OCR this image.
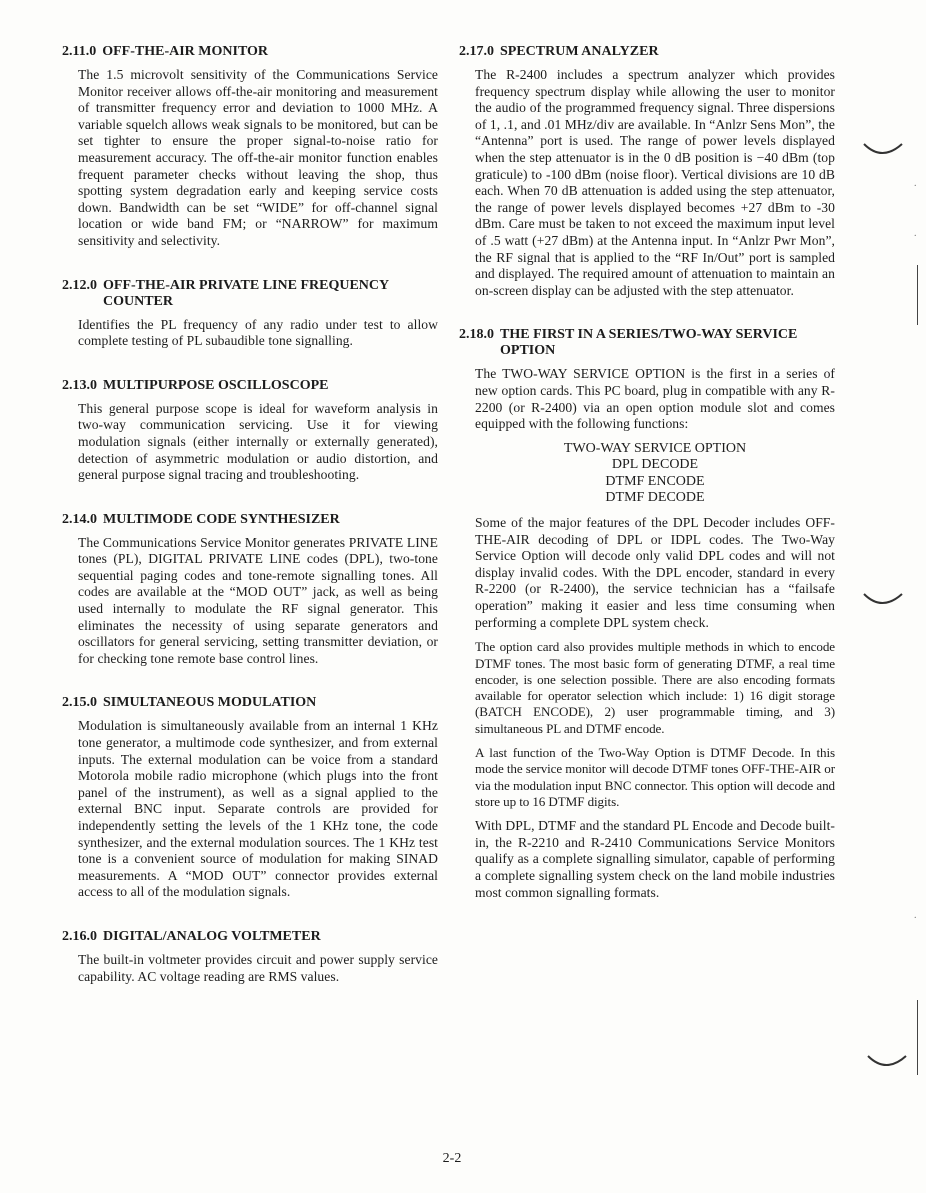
2.11.0 OFF-THE-AIR MONITOR

The 1.5 microvolt sensitivity of the Communications Service Monitor receiver allows off-the-air monitoring and measurement of transmitter frequency error and deviation to 1000 MHz. A variable squelch allows weak signals to be monitored, but can be set tighter to ensure the proper signal-to-noise ratio for measurement accuracy. The off-the-air monitor function enables frequent parameter checks without leaving the shop, thus spotting system degradation early and keeping service costs down. Bandwidth can be set “WIDE” for off-channel signal location or wide band FM; or “NARROW” for maximum sensitivity and selectivity.

2.12.0 OFF-THE-AIR PRIVATE LINE FREQUENCY COUNTER

Identifies the PL frequency of any radio under test to allow complete testing of PL subaudible tone signalling.

2.13.0 MULTIPURPOSE OSCILLOSCOPE

This general purpose scope is ideal for waveform analysis in two-way communication servicing. Use it for viewing modulation signals (either internally or externally generated), detection of asymmetric modulation or audio distortion, and general purpose signal tracing and troubleshooting.

2.14.0 MULTIMODE CODE SYNTHESIZER

The Communications Service Monitor generates PRIVATE LINE tones (PL), DIGITAL PRIVATE LINE codes (DPL), two-tone sequential paging codes and tone-remote signalling tones. All codes are available at the “MOD OUT” jack, as well as being used internally to modulate the RF signal generator. This eliminates the necessity of using separate generators and oscillators for general servicing, setting transmitter deviation, or for checking tone remote base control lines.

2.15.0 SIMULTANEOUS MODULATION

Modulation is simultaneously available from an internal 1 KHz tone generator, a multimode code synthesizer, and from external inputs. The external modulation can be voice from a standard Motorola mobile radio microphone (which plugs into the front panel of the instrument), as well as a signal applied to the external BNC input. Separate controls are provided for independently setting the levels of the 1 KHz tone, the code synthesizer, and the external modulation sources. The 1 KHz test tone is a convenient source of modulation for making SINAD measurements. A “MOD OUT” connector provides external access to all of the modulation signals.

2.16.0 DIGITAL/ANALOG VOLTMETER

The built-in voltmeter provides circuit and power supply service capability. AC voltage reading are RMS values.

2.17.0 SPECTRUM ANALYZER

The R-2400 includes a spectrum analyzer which provides frequency spectrum display while allowing the user to monitor the audio of the programmed frequency signal. Three dispersions of 1, .1, and .01 MHz/div are available. In “Anlzr Sens Mon”, the “Antenna” port is used. The range of power levels displayed when the step attenuator is in the 0 dB position is −40 dBm (top graticule) to -100 dBm (noise floor). Vertical divisions are 10 dB each. When 70 dB attenuation is added using the step attenuator, the range of power levels displayed becomes +27 dBm to -30 dBm. Care must be taken to not exceed the maximum input level of .5 watt (+27 dBm) at the Antenna input. In “Anlzr Pwr Mon”, the RF signal that is applied to the “RF In/Out” port is sampled and displayed. The required amount of attenuation to maintain an on-screen display can be adjusted with the step attenuator.

2.18.0 THE FIRST IN A SERIES/TWO-WAY SERVICE OPTION

The TWO-WAY SERVICE OPTION is the first in a series of new option cards. This PC board, plug in compatible with any R-2200 (or R-2400) via an open option module slot and comes equipped with the following functions:

TWO-WAY SERVICE OPTION
DPL DECODE
DTMF ENCODE
DTMF DECODE

Some of the major features of the DPL Decoder includes OFF-THE-AIR decoding of DPL or IDPL codes. The Two-Way Service Option will decode only valid DPL codes and will not display invalid codes. With the DPL encoder, standard in every R-2200 (or R-2400), the service technician has a “failsafe operation” making it easier and less time consuming when performing a complete DPL system check.

The option card also provides multiple methods in which to encode DTMF tones. The most basic form of generating DTMF, a real time encoder, is one selection possible. There are also encoding formats available for operator selection which include: 1) 16 digit storage (BATCH ENCODE), 2) user programmable timing, and 3) simultaneous PL and DTMF encode.

A last function of the Two-Way Option is DTMF Decode. In this mode the service monitor will decode DTMF tones OFF-THE-AIR or via the modulation input BNC connector. This option will decode and store up to 16 DTMF digits.

With DPL, DTMF and the standard PL Encode and Decode built-in, the R-2210 and R-2410 Communications Service Monitors qualify as a complete signalling simulator, capable of performing a complete signalling system check on the land mobile industries most common signalling formats.

2-2
.
.
.
